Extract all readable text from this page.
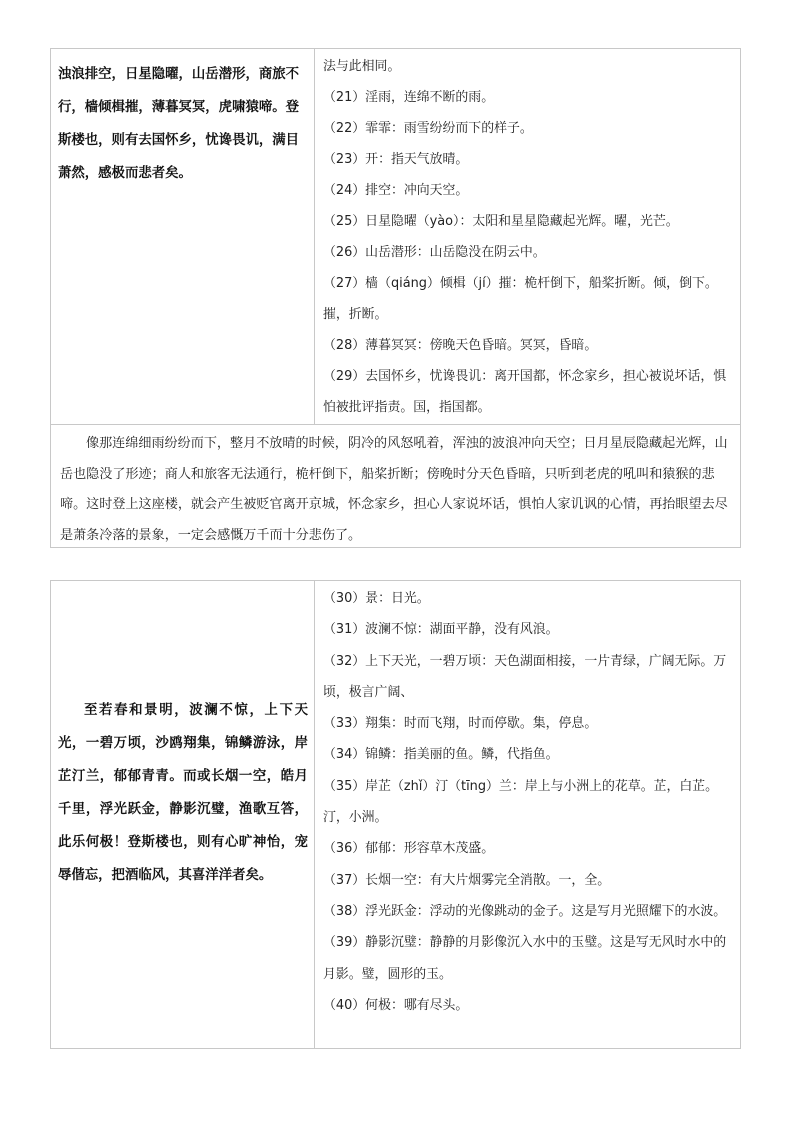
浊浪排空，日星隐曜，山岳潜形，商旅不行，樯倾楫摧，薄暮冥冥，虎啸猿啼。登斯楼也，则有去国怀乡，忧谗畏讥，满目萧然，感极而悲者矣。
法与此相同。
（21）淫雨，连绵不断的雨。
（22）霏霏：雨雪纷纷而下的样子。
（23）开：指天气放晴。
（24）排空：冲向天空。
（25）日星隐曜（yào）：太阳和星星隐藏起光辉。曜，光芒。
（26）山岳潜形：山岳隐没在阴云中。
（27）樯（qiáng）倾楫（jí）摧：桅杆倒下，船桨折断。倾，倒下。摧，折断。
（28）薄暮冥冥：傍晚天色昏暗。冥冥，昏暗。
（29）去国怀乡，忧谗畏讥：离开国都，怀念家乡，担心被说坏话，惧怕被批评指责。国，指国都。
像那连绵细雨纷纷而下，整月不放晴的时候，阴冷的风怒吼着，浑浊的波浪冲向天空；日月星辰隐藏起光辉，山岳也隐没了形迹；商人和旅客无法通行，桅杆倒下，船桨折断；傍晚时分天色昏暗，只听到老虎的吼叫和猿猴的悲啼。这时登上这座楼，就会产生被贬官离开京城，怀念家乡，担心人家说坏话，惧怕人家讥讽的心情，再抬眼望去尽是萧条冷落的景象，一定会感慨万千而十分悲伤了。
至若春和景明，波澜不惊，上下天光，一碧万顷，沙鸥翔集，锦鳞游泳，岸芷汀兰，郁郁青青。而或长烟一空，皓月千里，浮光跃金，静影沉璧，渔歌互答，此乐何极！登斯楼也，则有心旷神怡，宠辱偕忘，把酒临风，其喜洋洋者矣。
（30）景：日光。
（31）波澜不惊：湖面平静，没有风浪。
（32）上下天光，一碧万顷：天色湖面相接，一片青绿，广阔无际。万顷，极言广阔、
（33）翔集：时而飞翔，时而停歇。集，停息。
（34）锦鳞：指美丽的鱼。鳞，代指鱼。
（35）岸芷（zhǐ）汀（tīng）兰：岸上与小洲上的花草。芷，白芷。汀，小洲。
（36）郁郁：形容草木茂盛。
（37）长烟一空：有大片烟雾完全消散。一，全。
（38）浮光跃金：浮动的光像跳动的金子。这是写月光照耀下的水波。
（39）静影沉璧：静静的月影像沉入水中的玉璧。这是写无风时水中的月影。璧，圆形的玉。
（40）何极：哪有尽头。
